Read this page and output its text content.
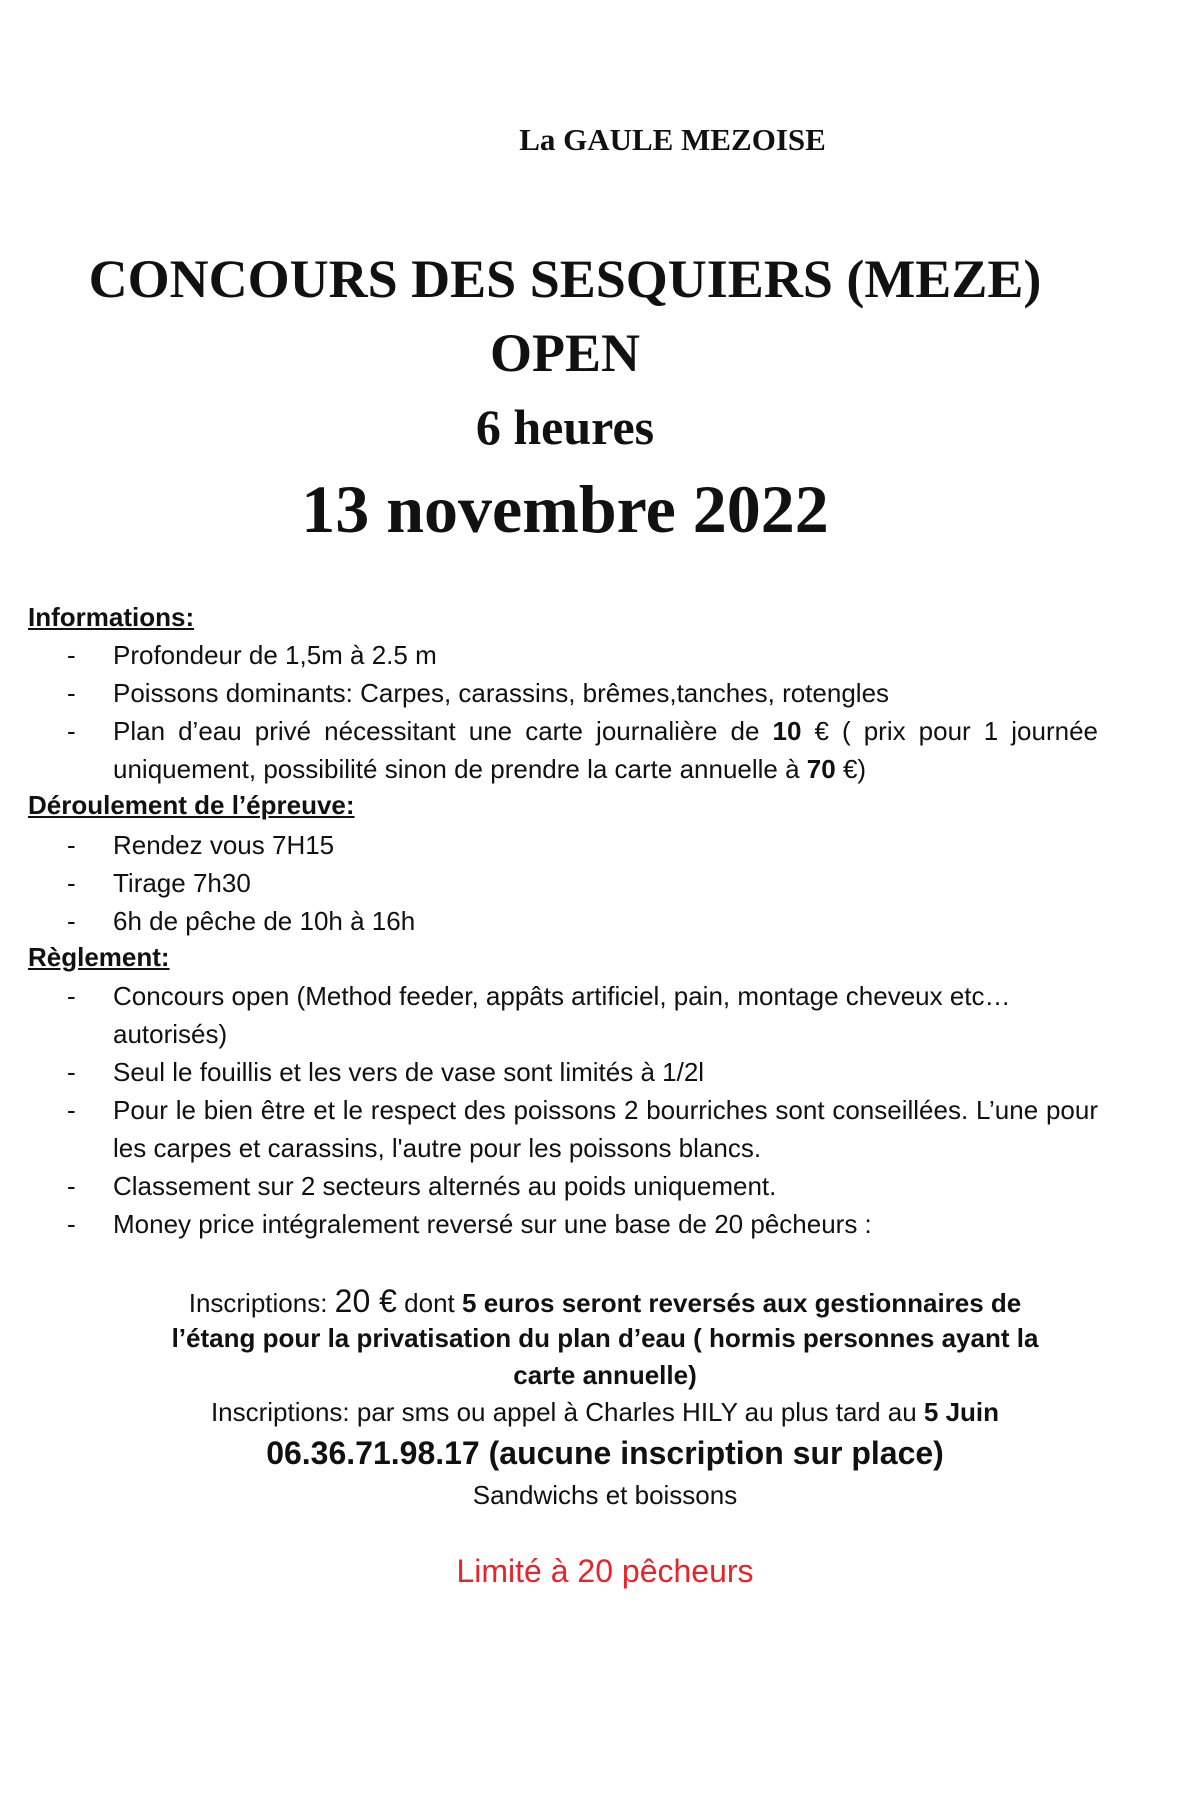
La GAULE MEZOISE
CONCOURS DES SESQUIERS (MEZE)
OPEN
6 heures
13 novembre 2022
Informations:
- Profondeur de 1,5m à 2.5 m
- Poissons dominants: Carpes, carassins, brêmes,tanches, rotengles
- Plan d’eau privé nécessitant une carte journalière de 10 € ( prix pour 1 journée uniquement, possibilité sinon de prendre la carte annuelle à 70 €)
Déroulement de l’épreuve:
- Rendez vous 7H15
- Tirage 7h30
- 6h de pêche de 10h à 16h
Règlement:
- Concours open (Method feeder, appâts artificiel, pain, montage cheveux etc… autorisés)
- Seul le fouillis et les vers de vase sont limités à 1/2l
- Pour le bien être et le respect des poissons 2 bourriches sont conseillées. L’une pour les carpes et carassins, l'autre pour les poissons blancs.
- Classement sur 2 secteurs alternés au poids uniquement.
- Money price intégralement reversé sur une base de 20 pêcheurs :
Inscriptions: 20 € dont 5 euros seront reversés aux gestionnaires de
l’étang pour la privatisation du plan d’eau ( hormis personnes ayant la
carte annuelle)
Inscriptions: par sms ou appel à Charles HILY au plus tard au 5 Juin
06.36.71.98.17 (aucune inscription sur place)
Sandwichs et boissons
Limité à 20 pêcheurs
